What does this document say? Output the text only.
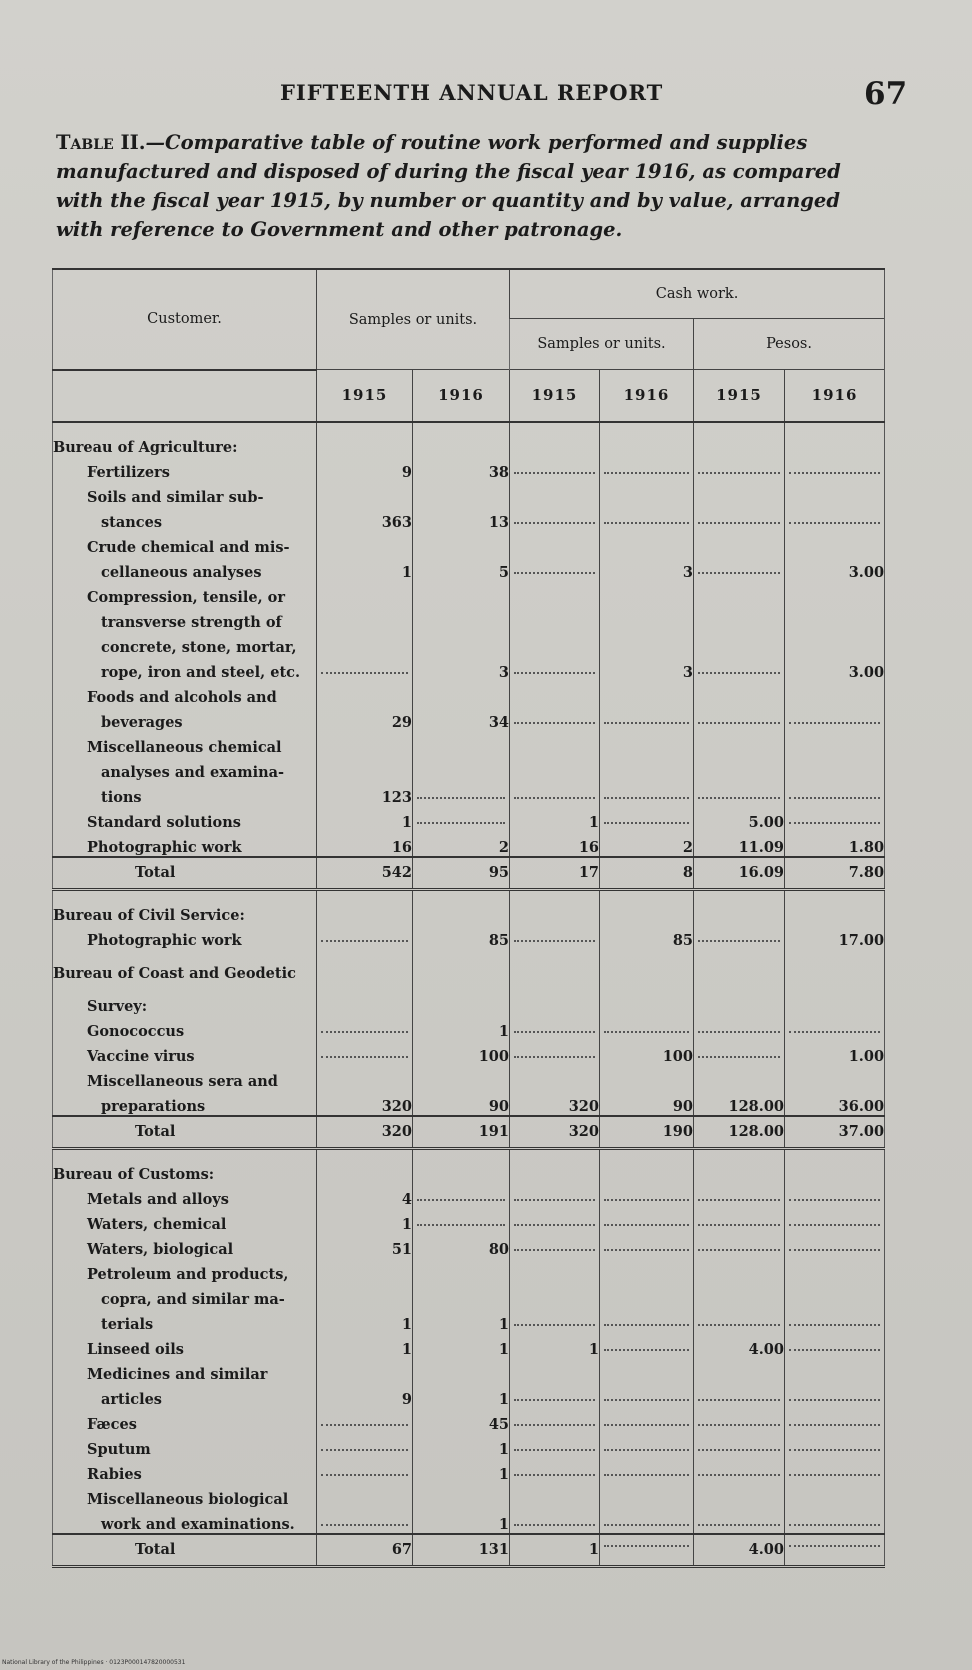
FIFTEENTH ANNUAL REPORT	67
Table II.—Comparative table of routine work performed and supplies manufactured and disposed of during the fiscal year 1916, as compared with the fiscal year 1915, by number or quantity and by value, arranged with reference to Government and other patronage.
Customer.	Samples or units.		Cash work.			
			Samples or units.		Pesos.	
	1915	1916	1915	1916	1915	1916
Bureau of Agriculture:						
Fertilizers	9	38	

Soils and similar sub-						
stances	363	13	

Crude chemical and mis-						
cellaneous analyses	1	5		3		3.00
Compression, tensile, or						
transverse strength of						
concrete, stone, mortar,						
rope, iron and steel, etc.		3		3		3.00
Foods and alcohols and						
beverages	29	34	

Miscellaneous chemical						
analyses and examina-						
tions	123	

Standard solutions	1		1		5.00	

Photographic work	16	2	16	2	11.09	1.80
Total	542	95	17	8	16.09	7.80
Bureau of Civil Service:						
Photographic work		85		85		17.00
Bureau of Coast and Geodetic						
Survey:						
Gonococcus		1	

Vaccine virus		100		100		1.00
Miscellaneous sera and						
preparations	320	90	320	90	128.00	36.00
Total	320	191	320	190	128.00	37.00
Bureau of Customs:						
Metals and alloys	4	

Waters, chemical	1	

Waters, biological	51	80	

Petroleum and products,						
copra, and similar ma-						
terials	1	1	

Linseed oils	1	1	1		4.00	

Medicines and similar						
articles	9	1	

Fæces		45	

Sputum		1	

Rabies		1	

Miscellaneous biological						
work and examinations.		1	

Total	67	131	1		4.00	
National Library of the Philippines · 0123P000147820000531
